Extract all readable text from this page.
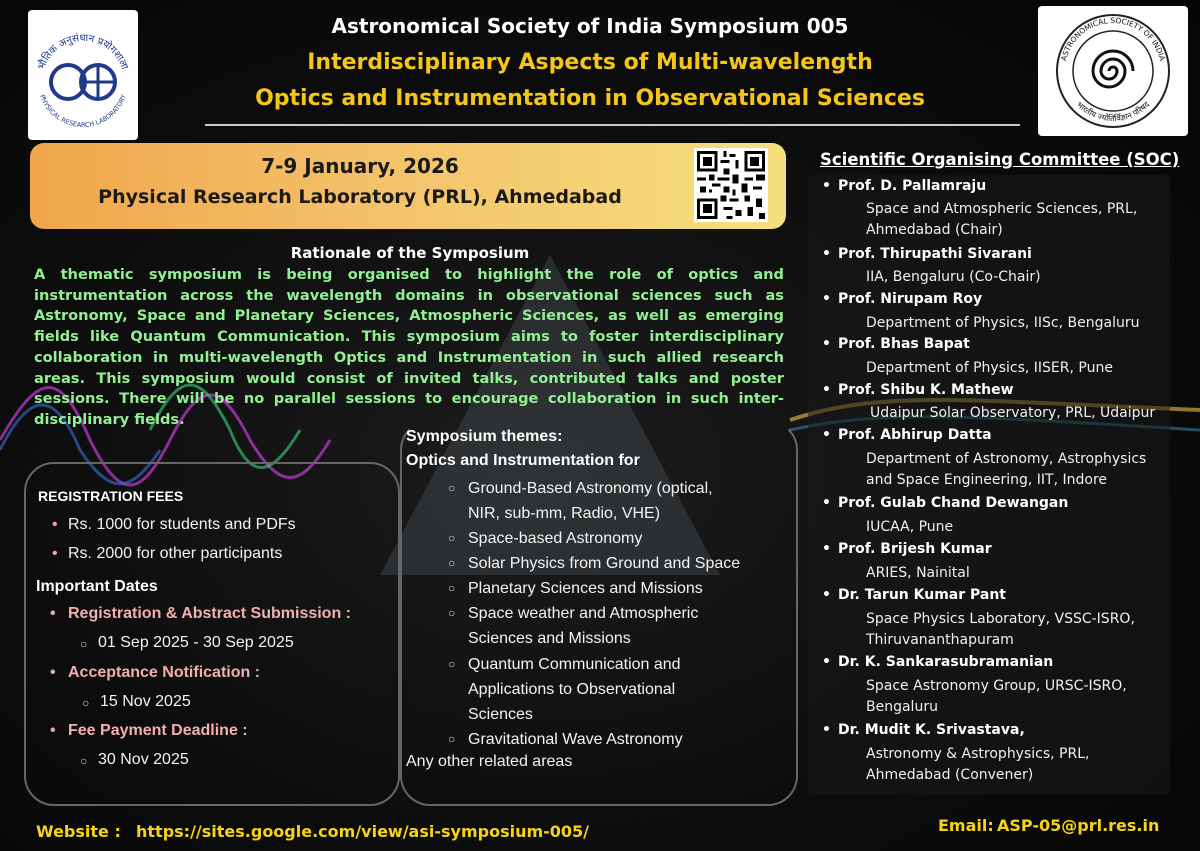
भौतिक अनुसंधान प्रयोगशाला
PHYSICAL RESEARCH LABORATORY
ASTRONOMICAL SOCIETY OF INDIA
भारतीय ज्योतिर्विज्ञान परिषद
Astronomical Society of India Symposium 005
Interdisciplinary Aspects of Multi-wavelength
Optics and Instrumentation in Observational Sciences
7-9 January, 2026
Physical Research Laboratory (PRL), Ahmedabad
Rationale of the Symposium
A thematic symposium is being organised to highlight the role of optics and instrumentation across the wavelength domains in observational sciences such as Astronomy, Space and Planetary Sciences, Atmospheric Sciences, as well as emerging fields like Quantum Communication. This symposium aims to foster interdisciplinary collaboration in multi-wavelength Optics and Instrumentation in such allied research areas. This symposium would consist of invited talks, contributed talks and poster sessions. There will be no parallel sessions to encourage collaboration in such inter-disciplinary fields.
REGISTRATION FEES
• Rs. 1000 for students and PDFs
• Rs. 2000 for other participants
Important Dates
• Registration & Abstract Submission :
○ 01 Sep 2025 - 30 Sep 2025
• Acceptance Notification :
○ 15 Nov 2025
• Fee Payment Deadline :
○ 30 Nov 2025
Symposium themes:
Optics and Instrumentation for
○ Ground-Based Astronomy (optical,
NIR, sub-mm, Radio, VHE)
○ Space-based Astronomy
○ Solar Physics from Ground and Space
○ Planetary Sciences and Missions
○ Space weather and Atmospheric
Sciences and Missions
○ Quantum Communication and
Applications to Observational
Sciences
○ Gravitational Wave Astronomy
Any other related areas
Scientific Organising Committee (SOC)
• Prof. D. Pallamraju
Space and Atmospheric Sciences, PRL,
Ahmedabad (Chair)
• Prof. Thirupathi Sivarani
IIA, Bengaluru (Co-Chair)
• Prof. Nirupam Roy
Department of Physics, IISc, Bengaluru
• Prof. Bhas Bapat
Department of Physics, IISER, Pune
• Prof. Shibu K. Mathew
Udaipur Solar Observatory, PRL, Udaipur
• Prof. Abhirup Datta
Department of Astronomy, Astrophysics
and Space Engineering, IIT, Indore
• Prof. Gulab Chand Dewangan
IUCAA, Pune
• Prof. Brijesh Kumar
ARIES, Nainital
• Dr. Tarun Kumar Pant
Space Physics Laboratory, VSSC-ISRO,
Thiruvananthapuram
• Dr. K. Sankarasubramanian
Space Astronomy Group, URSC-ISRO,
Bengaluru
• Dr. Mudit K. Srivastava,
Astronomy & Astrophysics, PRL,
Ahmedabad (Convener)
Website : https://sites.google.com/view/asi-symposium-005/	Email: ASP-05@prl.res.in
